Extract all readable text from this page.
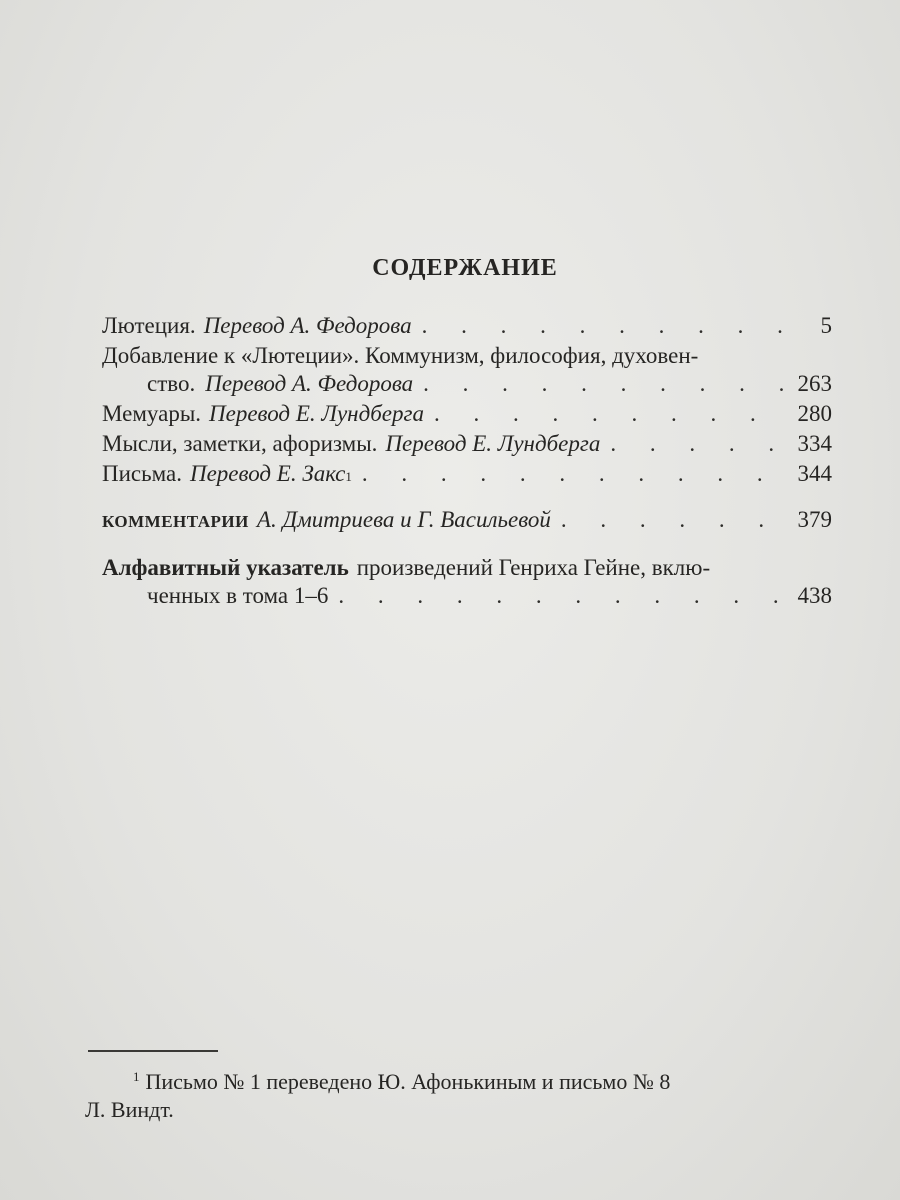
СОДЕРЖАНИЕ
Лютеция. Перевод А. Федорова . . .	5
Добавление к «Лютеции». Коммунизм, философия, духовен-
ство. Перевод А. Федорова . . .	263
Мемуары. Перевод Е. Лундберга . . .	280
Мысли, заметки, афоризмы. Перевод Е. Лундберга . . .	334
Письма. Перевод Е. Закс 1 . . .	344
КОММЕНТАРИИ А. Дмитриева и Г. Васильевой . . .	379
Алфавитный указатель произведений Генриха Гейне, вклю-
ченных в тома 1–6 . . .	438
$^1$ Письмо № 1 переведено Ю. Афонькиным и письмо № 8
Л. Виндт.
